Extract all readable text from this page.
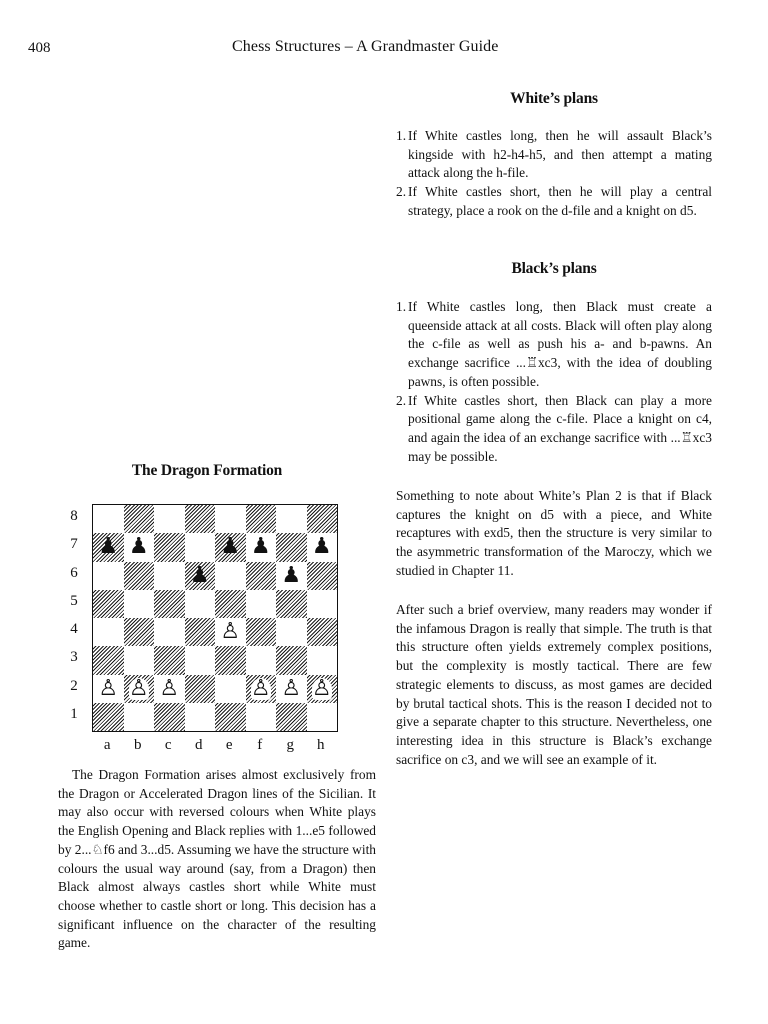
408	Chess Structures – A Grandmaster Guide
White’s plans
1. If White castles long, then he will assault Black’s kingside with h2-h4-h5, and then attempt a mating attack along the h-file.
2. If White castles short, then he will play a central strategy, place a rook on the d-file and a knight on d5.
Black’s plans
1. If White castles long, then Black must create a queenside attack at all costs. Black will often play along the c-file as well as push his a- and b-pawns. An exchange sacrifice ...♖xc3, with the idea of doubling pawns, is often possible.
2. If White castles short, then Black can play a more positional game along the c-file. Place a knight on c4, and again the idea of an exchange sacrifice with ...♖xc3 may be possible.

Something to note about White’s Plan 2 is that if Black captures the knight on d5 with a piece, and White recaptures with exd5, then the structure is very similar to the asymmetric transformation of the Maroczy, which we studied in Chapter 11.

After such a brief overview, many readers may wonder if the infamous Dragon is really that simple. The truth is that this structure often yields extremely complex positions, but the complexity is mostly tactical. There are few strategic elements to discuss, as most games are decided by brutal tactical shots. This is the reason I decided not to give a separate chapter to this structure. Nevertheless, one interesting idea in this structure is Black’s exchange sacrifice on c3, and we will see an example of it.

The Dragon Formation
♟ ♟	♟ ♟ ♟
♟	♟
♙
♙ ♙ ♙	♙ ♙ ♙
8
7
6
5
4
3
2
1
a	b	c	d	e	f	g	h

The Dragon Formation arises almost exclusively from the Dragon or Accelerated Dragon lines of the Sicilian. It may also occur with reversed colours when White plays the English Opening and Black replies with 1...e5 followed by 2...♘f6 and 3...d5. Assuming we have the structure with colours the usual way around (say, from a Dragon) then Black almost always castles short while White must choose whether to castle short or long. This decision has a significant influence on the character of the resulting game.
